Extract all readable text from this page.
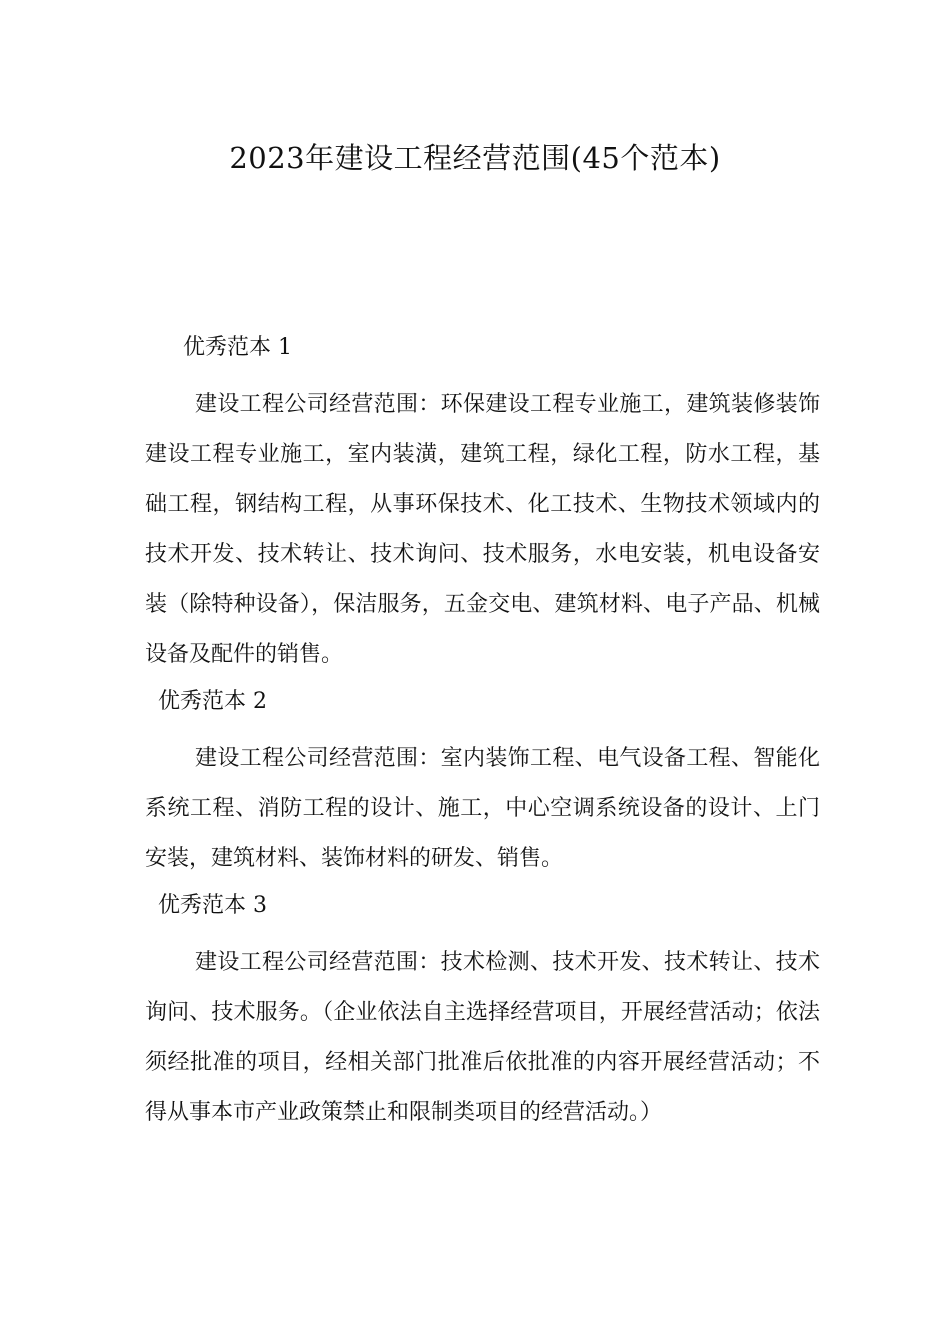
2023年建设工程经营范围(45个范本)
优秀范本 1

建设工程公司经营范围：环保建设工程专业施工，建筑装修装饰建设工程专业施工，室内装潢，建筑工程，绿化工程，防水工程，基础工程，钢结构工程，从事环保技术、化工技术、生物技术领域内的技术开发、技术转让、技术询问、技术服务，水电安装，机电设备安装（除特种设备），保洁服务，五金交电、建筑材料、电子产品、机械设备及配件的销售。

优秀范本 2

建设工程公司经营范围：室内装饰工程、电气设备工程、智能化系统工程、消防工程的设计、施工，中心空调系统设备的设计、上门安装，建筑材料、装饰材料的研发、销售。

优秀范本 3

建设工程公司经营范围：技术检测、技术开发、技术转让、技术询问、技术服务。（企业依法自主选择经营项目，开展经营活动；依法须经批准的项目，经相关部门批准后依批准的内容开展经营活动；不得从事本市产业政策禁止和限制类项目的经营活动。）
